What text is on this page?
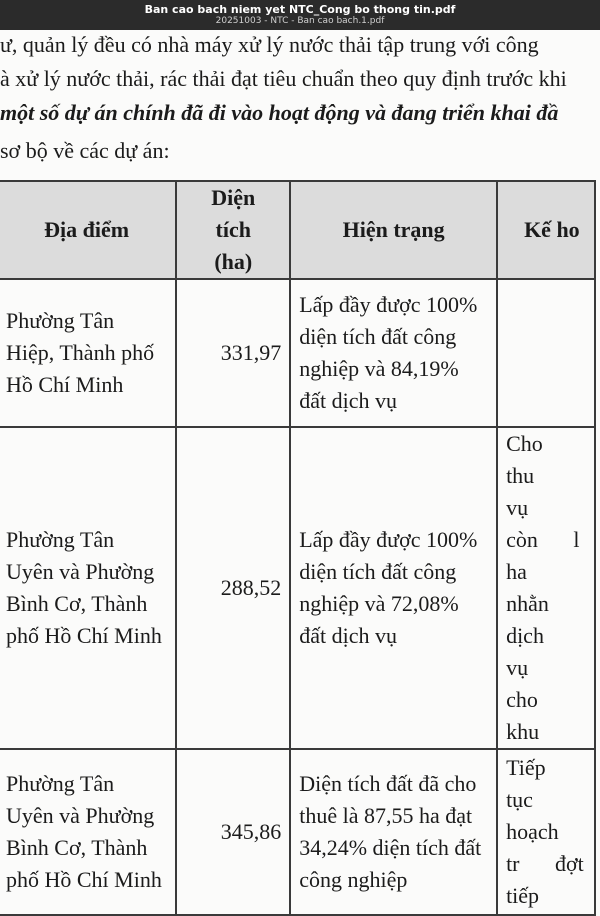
Ban cao bach niem yet NTC_Cong bo thong tin.pdf
20251003 - NTC - Ban cao bach.1.pdf
ư, quản lý đều có nhà máy xử lý nước thải tập trung với công
à xử lý nước thải, rác thải đạt tiêu chuẩn theo quy định trước khi
một số dự án chính đã đi vào hoạt động và đang triển khai đầ
sơ bộ về các dự án:
Địa điểm	Diện tích (ha)	Hiện trạng	Kế ho
Phường Tân Hiệp, Thành phố Hồ Chí Minh	331,97	Lấp đầy được 100% diện tích đất công nghiệp và 84,19% đất dịch vụ	
Phường Tân Uyên và Phường Bình Cơ, Thành phố Hồ Chí Minh	288,52	Lấp đầy được 100% diện tích đất công nghiệp và 72,08% đất dịch vụ	Cho thu vụ còn l ha nhằn dịch vụ cho khu
Phường Tân Uyên và Phường Bình Cơ, Thành phố Hồ Chí Minh	345,86	Diện tích đất đã cho thuê là 87,55 ha đạt 34,24% diện tích đất công nghiệp	Tiếp tục hoạch tr đợt tiếp
